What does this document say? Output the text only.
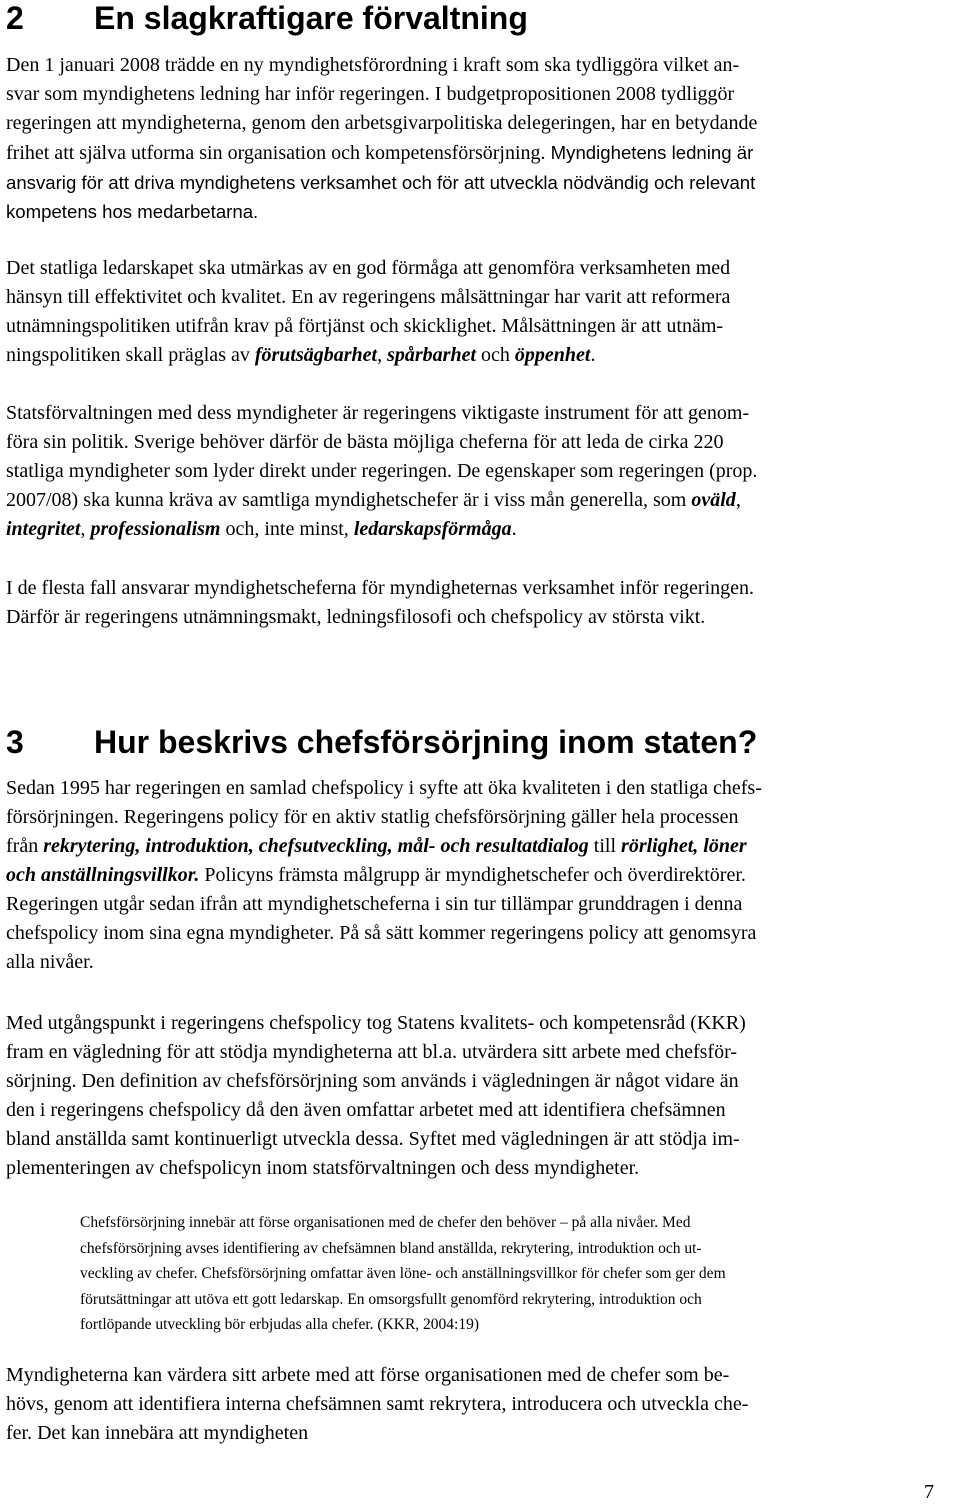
2 En slagkraftigare förvaltning
Den 1 januari 2008 trädde en ny myndighetsförordning i kraft som ska tydliggöra vilket an-
svar som myndighetens ledning har inför regeringen. I budgetpropositionen 2008 tydliggör
regeringen att myndigheterna, genom den arbetsgivarpolitiska delegeringen, har en betydande
frihet att själva utforma sin organisation och kompetensförsörjning. Myndighetens ledning är
ansvarig för att driva myndighetens verksamhet och för att utveckla nödvändig och relevant
kompetens hos medarbetarna.
Det statliga ledarskapet ska utmärkas av en god förmåga att genomföra verksamheten med
hänsyn till effektivitet och kvalitet. En av regeringens målsättningar har varit att reformera
utnämningspolitiken utifrån krav på förtjänst och skicklighet. Målsättningen är att utnäm-
ningspolitiken skall präglas av förutsägbarhet, spårbarhet och öppenhet.
Statsförvaltningen med dess myndigheter är regeringens viktigaste instrument för att genom-
föra sin politik. Sverige behöver därför de bästa möjliga cheferna för att leda de cirka 220
statliga myndigheter som lyder direkt under regeringen. De egenskaper som regeringen (prop.
2007/08) ska kunna kräva av samtliga myndighetschefer är i viss mån generella, som oväld,
integritet, professionalism och, inte minst, ledarskapsförmåga.
I de flesta fall ansvarar myndighetscheferna för myndigheternas verksamhet inför regeringen.
Därför är regeringens utnämningsmakt, ledningsfilosofi och chefspolicy av största vikt.
3 Hur beskrivs chefsförsörjning inom staten?
Sedan 1995 har regeringen en samlad chefspolicy i syfte att öka kvaliteten i den statliga chefs-
försörjningen. Regeringens policy för en aktiv statlig chefsförsörjning gäller hela processen
från rekrytering, introduktion, chefsutveckling, mål- och resultatdialog till rörlighet, löner
och anställningsvillkor. Policyns främsta målgrupp är myndighetschefer och överdirektörer.
Regeringen utgår sedan ifrån att myndighetscheferna i sin tur tillämpar grunddragen i denna
chefspolicy inom sina egna myndigheter. På så sätt kommer regeringens policy att genomsyra
alla nivåer.
Med utgångspunkt i regeringens chefspolicy tog Statens kvalitets- och kompetensråd (KKR)
fram en vägledning för att stödja myndigheterna att bl.a. utvärdera sitt arbete med chefsför-
sörjning. Den definition av chefsförsörjning som används i vägledningen är något vidare än
den i regeringens chefspolicy då den även omfattar arbetet med att identifiera chefsämnen
bland anställda samt kontinuerligt utveckla dessa. Syftet med vägledningen är att stödja im-
plementeringen av chefspolicyn inom statsförvaltningen och dess myndigheter.
Chefsförsörjning innebär att förse organisationen med de chefer den behöver – på alla nivåer. Med
chefsförsörjning avses identifiering av chefsämnen bland anställda, rekrytering, introduktion och ut-
veckling av chefer. Chefsförsörjning omfattar även löne- och anställningsvillkor för chefer som ger dem
förutsättningar att utöva ett gott ledarskap. En omsorgsfullt genomförd rekrytering, introduktion och
fortlöpande utveckling bör erbjudas alla chefer. (KKR, 2004:19)
Myndigheterna kan värdera sitt arbete med att förse organisationen med de chefer som be-
hövs, genom att identifiera interna chefsämnen samt rekrytera, introducera och utveckla che-
fer. Det kan innebära att myndigheten
7
